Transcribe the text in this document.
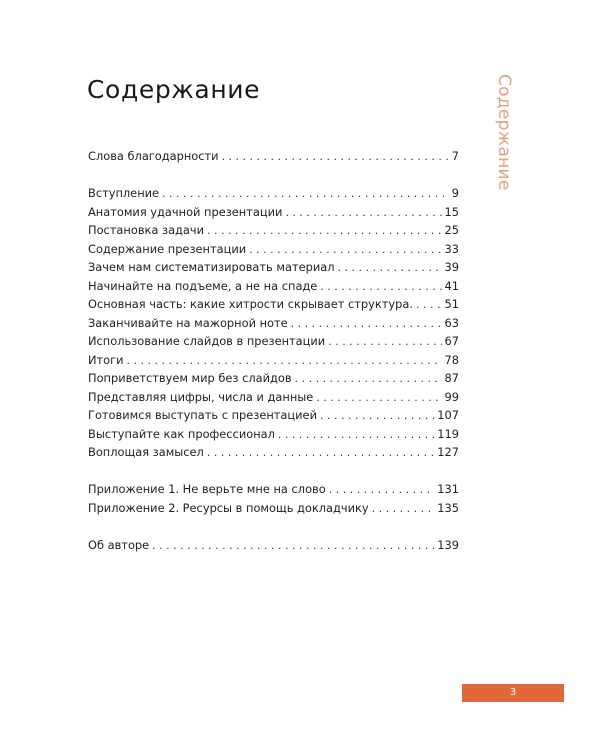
Содержание	Содержание
Слова благодарности . . .	7
Вступление . . .	9
Анатомия удачной презентации . . .	15
Постановка задачи . . .	25
Содержание презентации . . .	33
Зачем нам систематизировать материал . . .	39
Начинайте на подъеме, а не на спаде . . .	41
Основная часть: какие хитрости скрывает структура. . . .	51
Заканчивайте на мажорной ноте . . .	63
Использование слайдов в презентации . . .	67
Итоги . . .	78
Поприветствуем мир без слайдов . . .	87
Представляя цифры, числа и данные . . .	99
Готовимся выступать с презентацией . . .	107
Выступайте как профессионал . . .	119
Воплощая замысел . . .	127
Приложение 1. Не верьте мне на слово . . .	131
Приложение 2. Ресурсы в помощь докладчику . . .	135
Об авторе . . .	139
3
